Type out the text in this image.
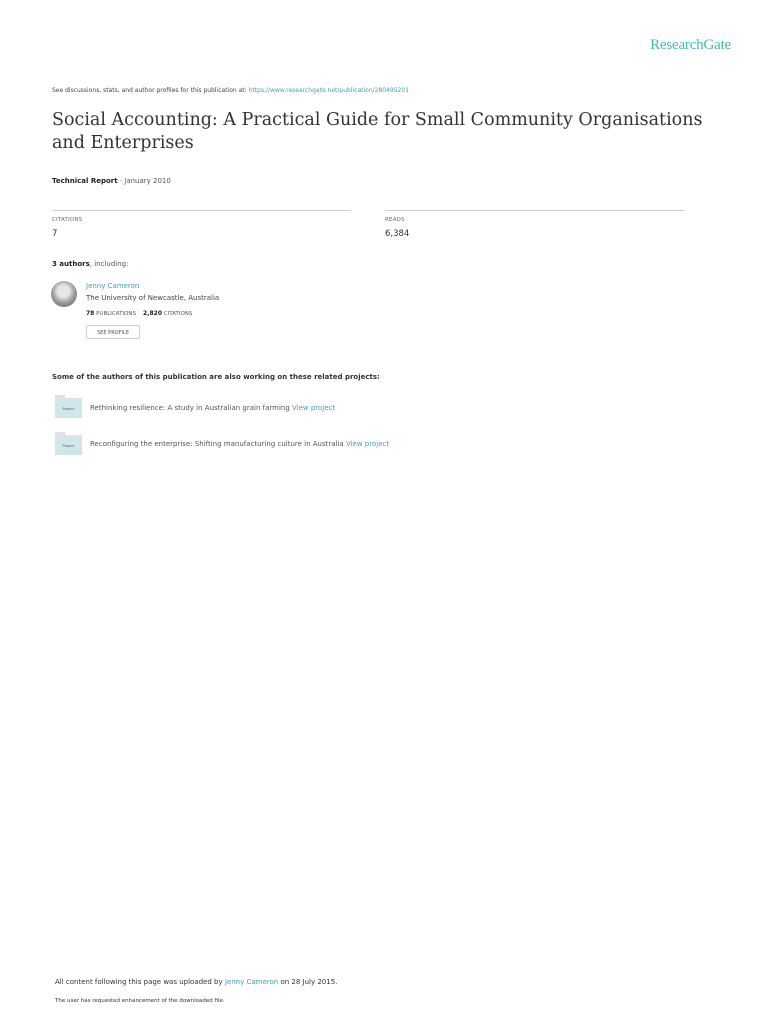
ResearchGate
See discussions, stats, and author profiles for this publication at: https://www.researchgate.net/publication/280495201
Social Accounting: A Practical Guide for Small Community Organisations and Enterprises
Technical Report · January 2010
CITATIONS
7
READS
6,384
3 authors, including:
Jenny Cameron
The University of Newcastle, Australia
78 PUBLICATIONS 2,820 CITATIONS
SEE PROFILE
Some of the authors of this publication are also working on these related projects:
Project	Rethinking resilience: A study in Australian grain farming View project
Project	Reconfiguring the enterprise: Shifting manufacturing culture in Australia View project
All content following this page was uploaded by Jenny Cameron on 28 July 2015.
The user has requested enhancement of the downloaded file.
